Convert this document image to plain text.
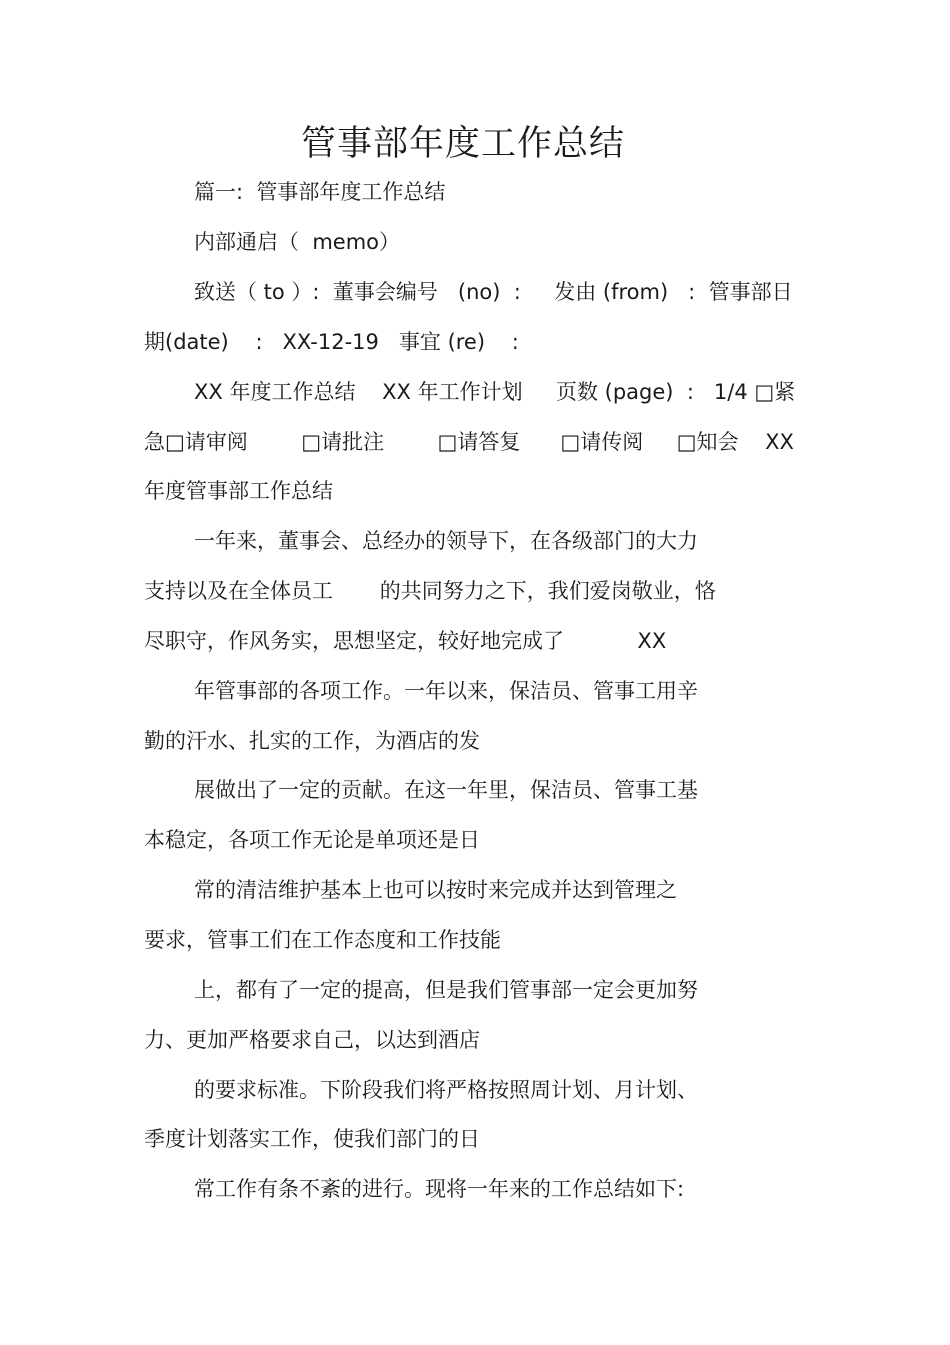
管事部年度工作总结
篇一:  管事部年度工作总结
内部通启（  memo）
致送（ to ）:  董事会编号   (no)  :     发由 (from)   :  管事部日
期(date)    :   XX-12-19   事宜 (re)    :
XX 年度工作总结    XX 年工作计划     页数 (page)  :   1/4 □紧
急□请审阅        □请批注        □请答复      □请传阅     □知会    XX
年度管事部工作总结
一年来，董事会、总经办的领导下，在各级部门的大力
支持以及在全体员工       的共同努力之下，我们爱岗敬业，恪
尽职守，作风务实，思想坚定，较好地完成了           XX
年管事部的各项工作。一年以来，保洁员、管事工用辛
勤的汗水、扎实的工作，为酒店的发
展做出了一定的贡献。在这一年里，保洁员、管事工基
本稳定，各项工作无论是单项还是日
常的清洁维护基本上也可以按时来完成并达到管理之
要求，管事工们在工作态度和工作技能
上，都有了一定的提高，但是我们管事部一定会更加努
力、更加严格要求自己，以达到酒店
的要求标准。下阶段我们将严格按照周计划、月计划、
季度计划落实工作，使我们部门的日
常工作有条不紊的进行。现将一年来的工作总结如下:
